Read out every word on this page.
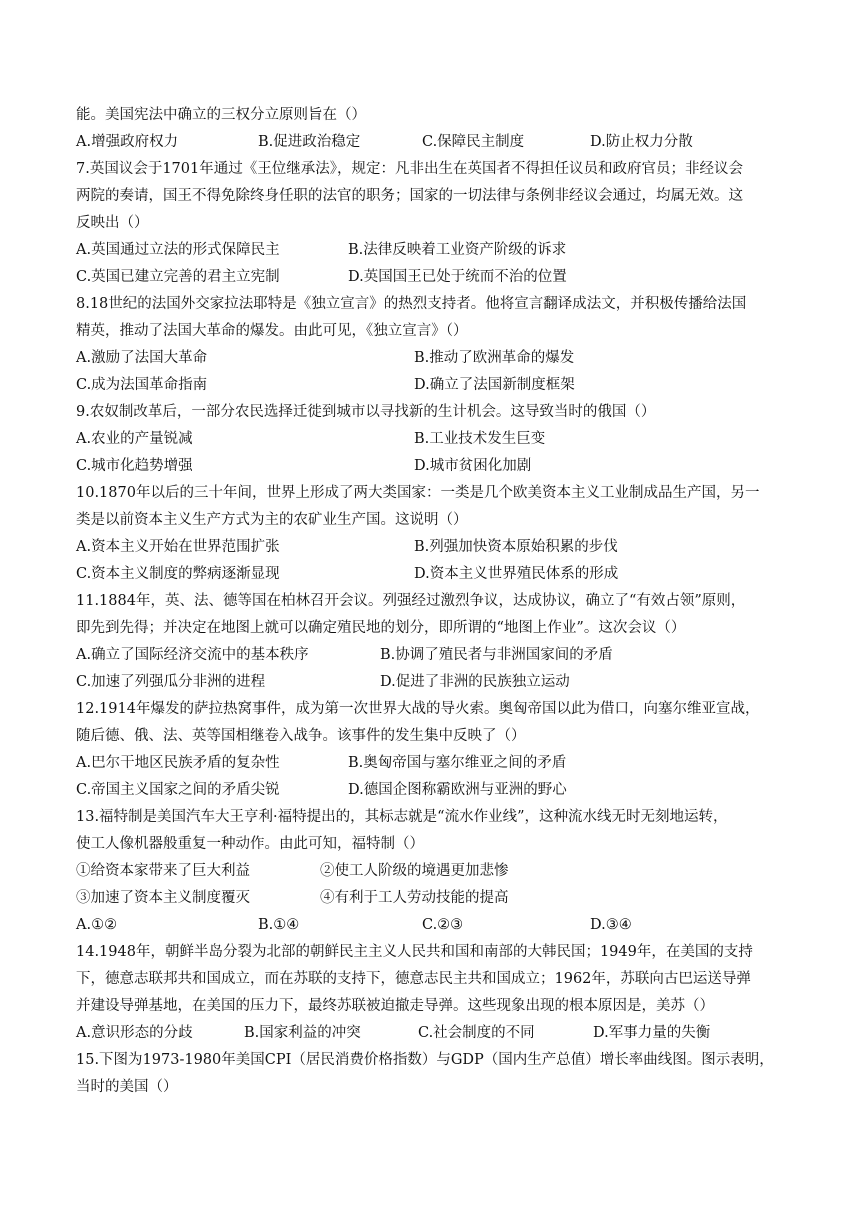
能。美国宪法中确立的三权分立原则旨在（）
A.增强政府权力	B.促进政治稳定	C.保障民主制度	D.防止权力分散
7.英国议会于1701年通过《王位继承法》，规定：凡非出生在英国者不得担任议员和政府官员；非经议会
两院的奏请，国王不得免除终身任职的法官的职务；国家的一切法律与条例非经议会通过，均属无效。这
反映出（）
A.英国通过立法的形式保障民主	B.法律反映着工业资产阶级的诉求
C.英国已建立完善的君主立宪制	D.英国国王已处于统而不治的位置
8.18世纪的法国外交家拉法耶特是《独立宣言》的热烈支持者。他将宣言翻译成法文，并积极传播给法国
精英，推动了法国大革命的爆发。由此可见，《独立宣言》（）
A.激励了法国大革命	B.推动了欧洲革命的爆发
C.成为法国革命指南	D.确立了法国新制度框架
9.农奴制改革后，一部分农民选择迁徙到城市以寻找新的生计机会。这导致当时的俄国（）
A.农业的产量锐减	B.工业技术发生巨变
C.城市化趋势增强	D.城市贫困化加剧
10.1870年以后的三十年间，世界上形成了两大类国家：一类是几个欧美资本主义工业制成品生产国，另一
类是以前资本主义生产方式为主的农矿业生产国。这说明（）
A.资本主义开始在世界范围扩张	B.列强加快资本原始积累的步伐
C.资本主义制度的弊病逐渐显现	D.资本主义世界殖民体系的形成
11.1884年，英、法、德等国在柏林召开会议。列强经过激烈争议，达成协议，确立了“有效占领”原则，
即先到先得；并决定在地图上就可以确定殖民地的划分，即所谓的“地图上作业”。这次会议（）
A.确立了国际经济交流中的基本秩序	B.协调了殖民者与非洲国家间的矛盾
C.加速了列强瓜分非洲的进程	D.促进了非洲的民族独立运动
12.1914年爆发的萨拉热窝事件，成为第一次世界大战的导火索。奥匈帝国以此为借口，向塞尔维亚宣战，
随后德、俄、法、英等国相继卷入战争。该事件的发生集中反映了（）
A.巴尔干地区民族矛盾的复杂性	B.奥匈帝国与塞尔维亚之间的矛盾
C.帝国主义国家之间的矛盾尖锐	D.德国企图称霸欧洲与亚洲的野心
13.福特制是美国汽车大王亨利·福特提出的，其标志就是“流水作业线”，这种流水线无时无刻地运转，
使工人像机器般重复一种动作。由此可知，福特制（）
①给资本家带来了巨大利益	②使工人阶级的境遇更加悲惨
③加速了资本主义制度覆灭	④有利于工人劳动技能的提高
A.①②	B.①④	C.②③	D.③④
14.1948年，朝鲜半岛分裂为北部的朝鲜民主主义人民共和国和南部的大韩民国；1949年，在美国的支持
下，德意志联邦共和国成立，而在苏联的支持下，德意志民主共和国成立；1962年，苏联向古巴运送导弹
并建设导弹基地，在美国的压力下，最终苏联被迫撤走导弹。这些现象出现的根本原因是，美苏（）
A.意识形态的分歧	B.国家利益的冲突	C.社会制度的不同	D.军事力量的失衡
15.下图为1973-1980年美国CPI（居民消费价格指数）与GDP（国内生产总值）增长率曲线图。图示表明，
当时的美国（）
